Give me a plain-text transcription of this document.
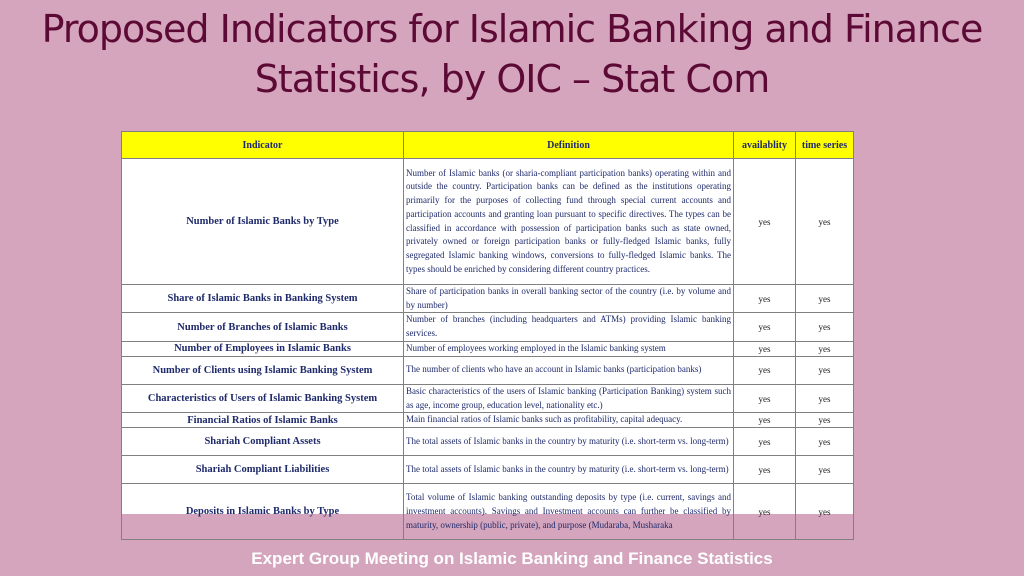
Proposed Indicators for Islamic Banking and Finance
Statistics, by OIC – Stat Com
Indicator	Definition	availablity	time series
Number of Islamic Banks by Type	Number of Islamic banks (or sharia-compliant participation banks) operating within and outside the country. Participation banks can be defined as the institutions operating primarily for the purposes of collecting fund through special current accounts and participation accounts and granting loan pursuant to specific directives. The types can be classified in accordance with possession of participation banks such as state owned, privately owned or foreign participation banks or fully-fledged Islamic banks, fully segregated Islamic banking windows, conversions to fully-fledged Islamic banks. The types should be enriched by considering different country practices.	yes	yes
Share of Islamic Banks in Banking System	Share of participation banks in overall banking sector of the country (i.e. by volume and by number)	yes	yes
Number of Branches of Islamic Banks	Number of branches (including headquarters and ATMs) providing Islamic banking services.	yes	yes
Number of Employees in Islamic Banks	Number of employees working employed in the Islamic banking system	yes	yes
Number of Clients using Islamic Banking System	The number of clients who have an account in Islamic banks (participation banks)	yes	yes
Characteristics of Users of Islamic Banking System	Basic characteristics of the users of Islamic banking (Participation Banking) system such as age, income group, education level, nationality etc.)	yes	yes
Financial Ratios of Islamic Banks	Main financial ratios of Islamic banks such as profitability, capital adequacy.	yes	yes
Shariah Compliant Assets	The total assets of Islamic banks in the country by maturity (i.e. short-term vs. long-term)	yes	yes
Shariah Compliant Liabilities	The total assets of Islamic banks in the country by maturity (i.e. short-term vs. long-term)	yes	yes
Deposits in Islamic Banks by Type	Total volume of Islamic banking outstanding deposits by type (i.e. current, savings and investment accounts). Savings and Investment accounts can further be classified by maturity, ownership (public, private), and purpose (Mudaraba, Musharaka	yes	yes
Expert Group Meeting on Islamic Banking and Finance Statistics
